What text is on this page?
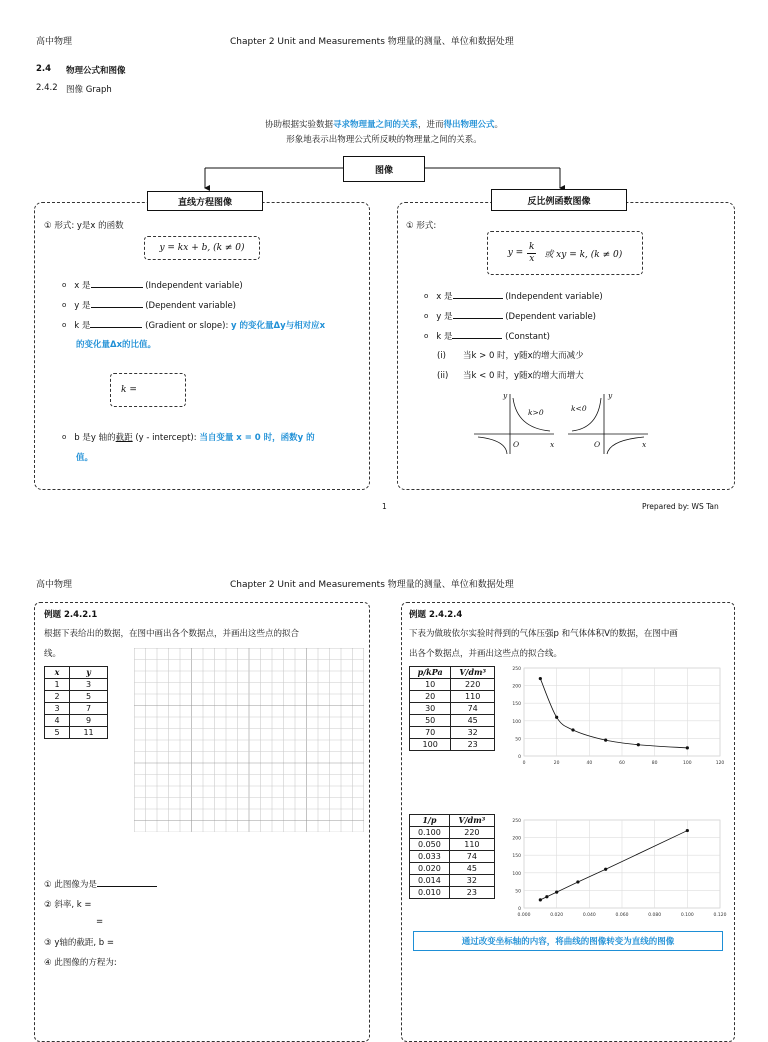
高中物理	Chapter 2 Unit and Measurements 物理量的测量、单位和数据处理
2.4 物理公式和图像
2.4.2 图像 Graph
协助根据实验数据寻求物理量之间的关系，进而得出物理公式。
形象地表示出物理公式所反映的物理量之间的关系。
图像
直线方程图像
① 形式: y是x 的函数
y = kx + b, (k ≠ 0)
o x 是	(Independent variable)
o y 是	(Dependent variable)
o k 是	(Gradient or slope): y 的变化量Δy与相对应x
的变化量Δx的比值。
k =
o b 是y 轴的截距 (y - intercept): 当自变量 x = 0 时，函数y 的
值。
反比例函数图像
① 形式:
$y = \frac{k}{x}$ 或 xy = k, (k ≠ 0)
o x 是	(Independent variable)
o y 是	(Dependent variable)
o k 是	(Constant)
(i) 当k > 0 时，y随x的增大而减少
(ii) 当k < 0 时，y随x的增大而增大
y
k>0
O	x
y
k<0
O	x
1	Prepared by: WS Tan
高中物理	Chapter 2 Unit and Measurements 物理量的测量、单位和数据处理
例题 2.4.2.1
根据下表给出的数据，在图中画出各个数据点，并画出这些点的拟合
线。
x	y
1	3
2	5
3	7
4	9
5	11
① 此图像为是
② 斜率, k =
=
③ y轴的截距, b =
④ 此图像的方程为:
例题 2.4.2.4
下表为做玻依尔实验时得到的气体压强p 和气体体积V的数据，在图中画
出各个数据点，并画出这些点的拟合线。
p/kPa	V/dm³
10	220
20	110
30	74
50	45
70	32
100	23
1/p	V/dm³
0.100	220
0.050	110
0.033	74
0.020	45
0.014	32
0.010	23
0
50
100
150
200
250
0	20	40	60	80	100	120
0
50
100
150
200
250
0.000	0.020	0.040	0.060	0.080	0.100	0.120
通过改变坐标轴的内容，将曲线的图像转变为直线的图像
